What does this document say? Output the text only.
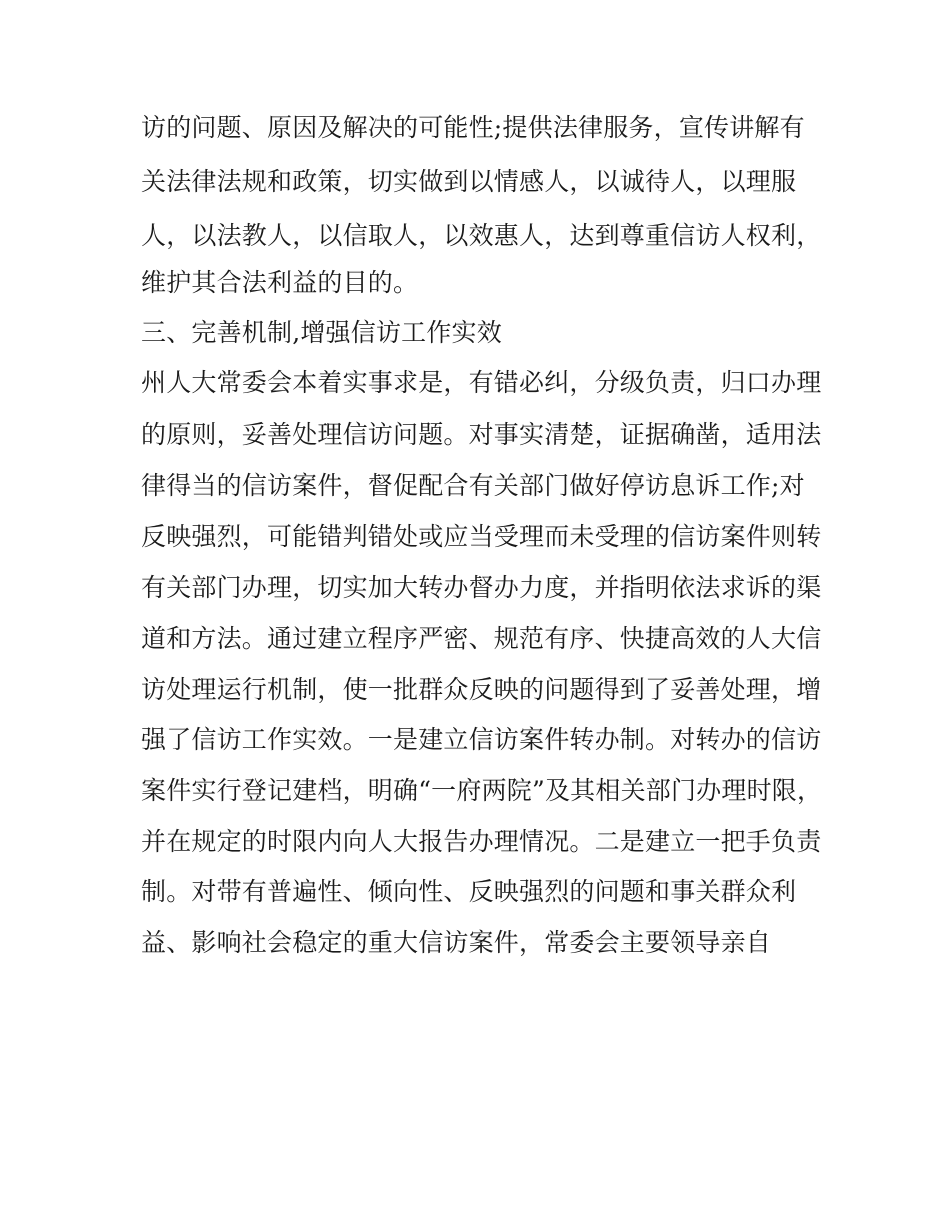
访的问题、原因及解决的可能性;提供法律服务，宣传讲解有
关法律法规和政策，切实做到以情感人，以诚待人，以理服
人，以法教人，以信取人，以效惠人，达到尊重信访人权利，
维护其合法利益的目的。
三、完善机制,增强信访工作实效
州人大常委会本着实事求是，有错必纠，分级负责，归口办理
的原则，妥善处理信访问题。对事实清楚，证据确凿，适用法
律得当的信访案件，督促配合有关部门做好停访息诉工作;对
反映强烈，可能错判错处或应当受理而未受理的信访案件则转
有关部门办理，切实加大转办督办力度，并指明依法求诉的渠
道和方法。通过建立程序严密、规范有序、快捷高效的人大信
访处理运行机制，使一批群众反映的问题得到了妥善处理，增
强了信访工作实效。一是建立信访案件转办制。对转办的信访
案件实行登记建档，明确“一府两院”及其相关部门办理时限，
并在规定的时限内向人大报告办理情况。二是建立一把手负责
制。对带有普遍性、倾向性、反映强烈的问题和事关群众利
益、影响社会稳定的重大信访案件，常委会主要领导亲自
